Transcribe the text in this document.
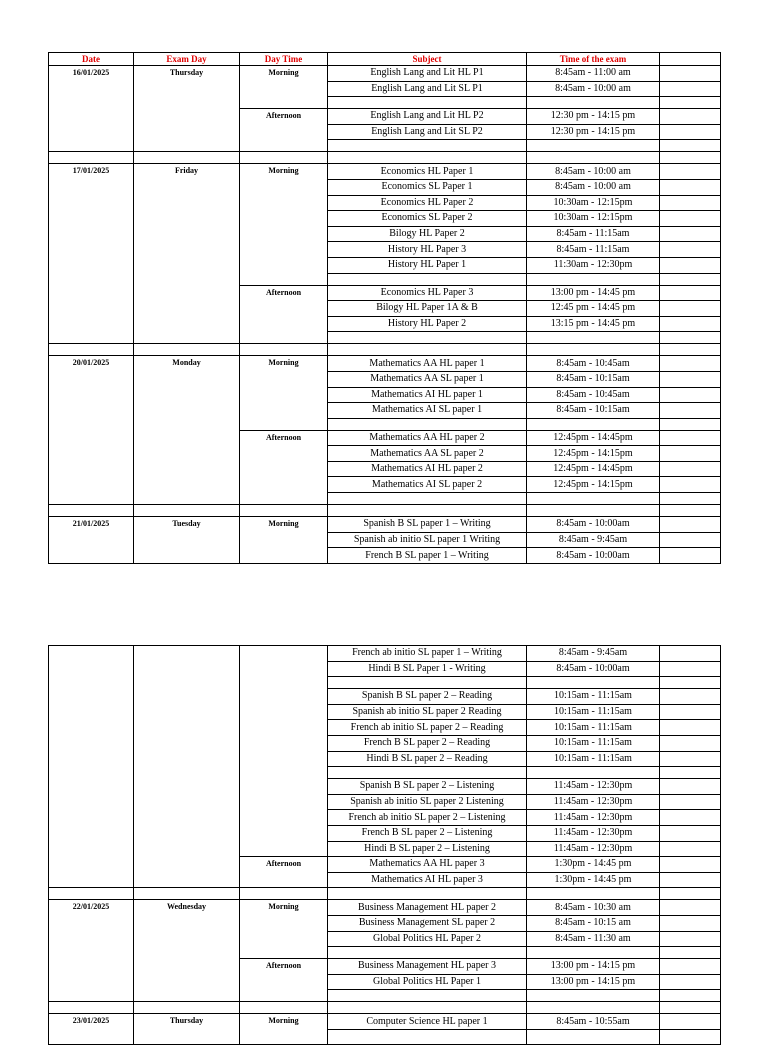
Date	Exam Day	Day Time	Subject	Time of the exam	
16/01/2025	Thursday	Morning	English Lang and Lit HL P1	8:45am - 11:00 am	
			English Lang and Lit SL P1	8:45am - 10:00 am	

		Afternoon	English Lang and Lit HL P2	12:30 pm - 14:15 pm	
			English Lang and Lit SL P2	12:30 pm - 14:15 pm	

17/01/2025	Friday	Morning	Economics HL Paper 1	8:45am - 10:00 am	
			Economics SL Paper 1	8:45am - 10:00 am	
			Economics HL Paper 2	10:30am - 12:15pm	
			Economics SL Paper 2	10:30am - 12:15pm	
			Bilogy HL Paper 2	8:45am - 11:15am	
			History HL Paper 3	8:45am - 11:15am	
			History HL Paper 1	11:30am - 12:30pm	

		Afternoon	Economics HL Paper 3	13:00 pm - 14:45 pm	
			Bilogy HL Paper 1A & B	12:45 pm - 14:45 pm	
			History HL Paper 2	13:15 pm - 14:45 pm	

20/01/2025	Monday	Morning	Mathematics AA HL paper 1	8:45am - 10:45am	
			Mathematics AA SL paper 1	8:45am - 10:15am	
			Mathematics AI HL paper 1	8:45am - 10:45am	
			Mathematics AI SL paper 1	8:45am - 10:15am	

		Afternoon	Mathematics AA HL paper 2	12:45pm - 14:45pm	
			Mathematics AA SL paper 2	12:45pm - 14:15pm	
			Mathematics AI HL paper 2	12:45pm - 14:45pm	
			Mathematics AI SL paper 2	12:45pm - 14:15pm	

21/01/2025	Tuesday	Morning	Spanish B SL paper 1 – Writing	8:45am - 10:00am	
			Spanish ab initio SL paper 1 Writing	8:45am - 9:45am	
			French B SL paper 1 – Writing	8:45am - 10:00am	
			French ab initio SL paper 1 – Writing	8:45am - 9:45am	
			Hindi B SL Paper 1 - Writing	8:45am - 10:00am	

			Spanish B SL paper 2 – Reading	10:15am - 11:15am	
			Spanish ab initio SL paper 2 Reading	10:15am - 11:15am	
			French ab initio SL paper 2 – Reading	10:15am - 11:15am	
			French B SL paper 2 – Reading	10:15am - 11:15am	
			Hindi B SL paper 2 – Reading	10:15am - 11:15am	

			Spanish B SL paper 2 – Listening	11:45am - 12:30pm	
			Spanish ab initio SL paper 2 Listening	11:45am - 12:30pm	
			French ab initio SL paper 2 – Listening	11:45am - 12:30pm	
			French B SL paper 2 – Listening	11:45am - 12:30pm	
			Hindi B SL paper 2 – Listening	11:45am - 12:30pm	
		Afternoon	Mathematics AA HL paper 3	1:30pm - 14:45 pm	
			Mathematics AI HL paper 3	1:30pm - 14:45 pm	

22/01/2025	Wednesday	Morning	Business Management HL paper 2	8:45am - 10:30 am	
			Business Management SL paper 2	8:45am - 10:15 am	
			Global Politics HL Paper 2	8:45am - 11:30 am	

		Afternoon	Business Management HL paper 3	13:00 pm - 14:15 pm	
			Global Politics HL Paper 1	13:00 pm - 14:15 pm	

23/01/2025	Thursday	Morning	Computer Science HL paper 1	8:45am - 10:55am	
